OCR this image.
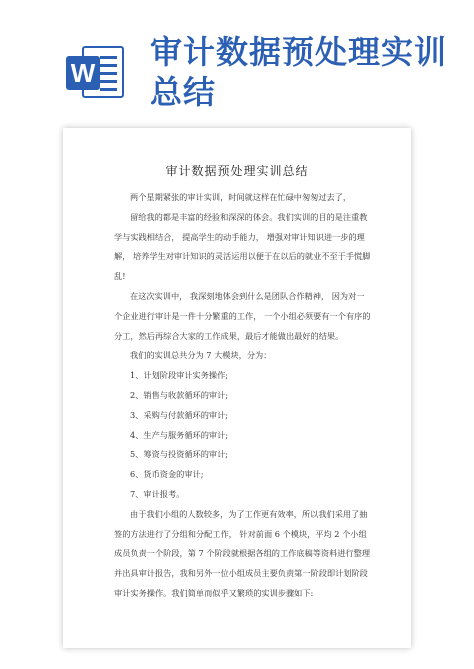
W
审计数据预处理实训总结
审计数据预处理实训总结

两个星期紧张的审计实训，时间就这样在忙碌中匆匆过去了，

留给我的都是丰富的经验和深深的体会。我们实训的目的是注重教学与实践相结合， 提高学生的动手能力， 增强对审计知识进一步的理解， 培养学生对审计知识的灵活运用以便于在以后的就业不至于手慌脚乱!

在这次实训中， 我深刻地体会到什么是团队合作精神， 因为对一个企业进行审计是一件十分繁重的工作， 一个小组必须要有一个有序的分工，然后再综合大家的工作成果，最后才能做出最好的结果。

我们的实训总共分为 7 大模块，分为：

1、计划阶段审计实务操作;

2、销售与收款循环的审计;

3、采购与付款循环的审计;

4、生产与服务循环的审计;

5、筹资与投资循环的审计;

6、货币资金的审计;

7、审计报考。

由于我们小组的人数较多，为了工作更有效率，所以我们采用了抽签的方法进行了分组和分配工作， 针对前面 6 个模块，平均 2 个小组成员负责一个阶段，第 7 个阶段就根据各组的工作底稿等资料进行整理并出具审计报告，我和另外一位小组成员主要负责第一阶段即计划阶段审计实务操作。我们简单而似乎又繁琐的实训步骤如下:
